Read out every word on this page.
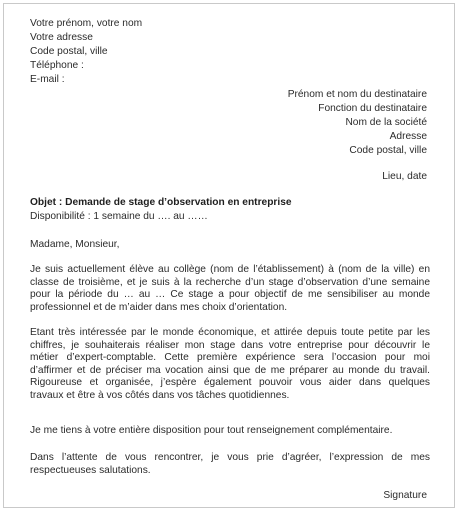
Votre prénom, votre nom
Votre adresse
Code postal, ville
Téléphone :
E-mail :
Prénom et nom du destinataire
Fonction du destinataire
Nom de la société
Adresse
Code postal, ville
Lieu, date
Objet : Demande de stage d’observation en entreprise
Disponibilité : 1 semaine du …. au ……
Madame, Monsieur,
Je suis actuellement élève au collège (nom de l’établissement) à (nom de la ville) en
classe de troisième, et je suis à la recherche d’un stage d’observation d’une semaine
pour la période du … au … Ce stage a pour objectif de me sensibiliser au monde
professionnel et de m’aider dans mes choix d’orientation.
Etant très intéressée par le monde économique, et attirée depuis toute petite par les
chiffres, je souhaiterais réaliser mon stage dans votre entreprise pour découvrir le
métier d’expert-comptable. Cette première expérience sera l’occasion pour moi
d’affirmer et de préciser ma vocation ainsi que de me préparer au monde du travail.
Rigoureuse et organisée, j’espère également pouvoir vous aider dans quelques
travaux et être à vos côtés dans vos tâches quotidiennes.
Je me tiens à votre entière disposition pour tout renseignement complémentaire.
Dans l’attente de vous rencontrer, je vous prie d’agréer, l’expression de mes
respectueuses salutations.
Signature
